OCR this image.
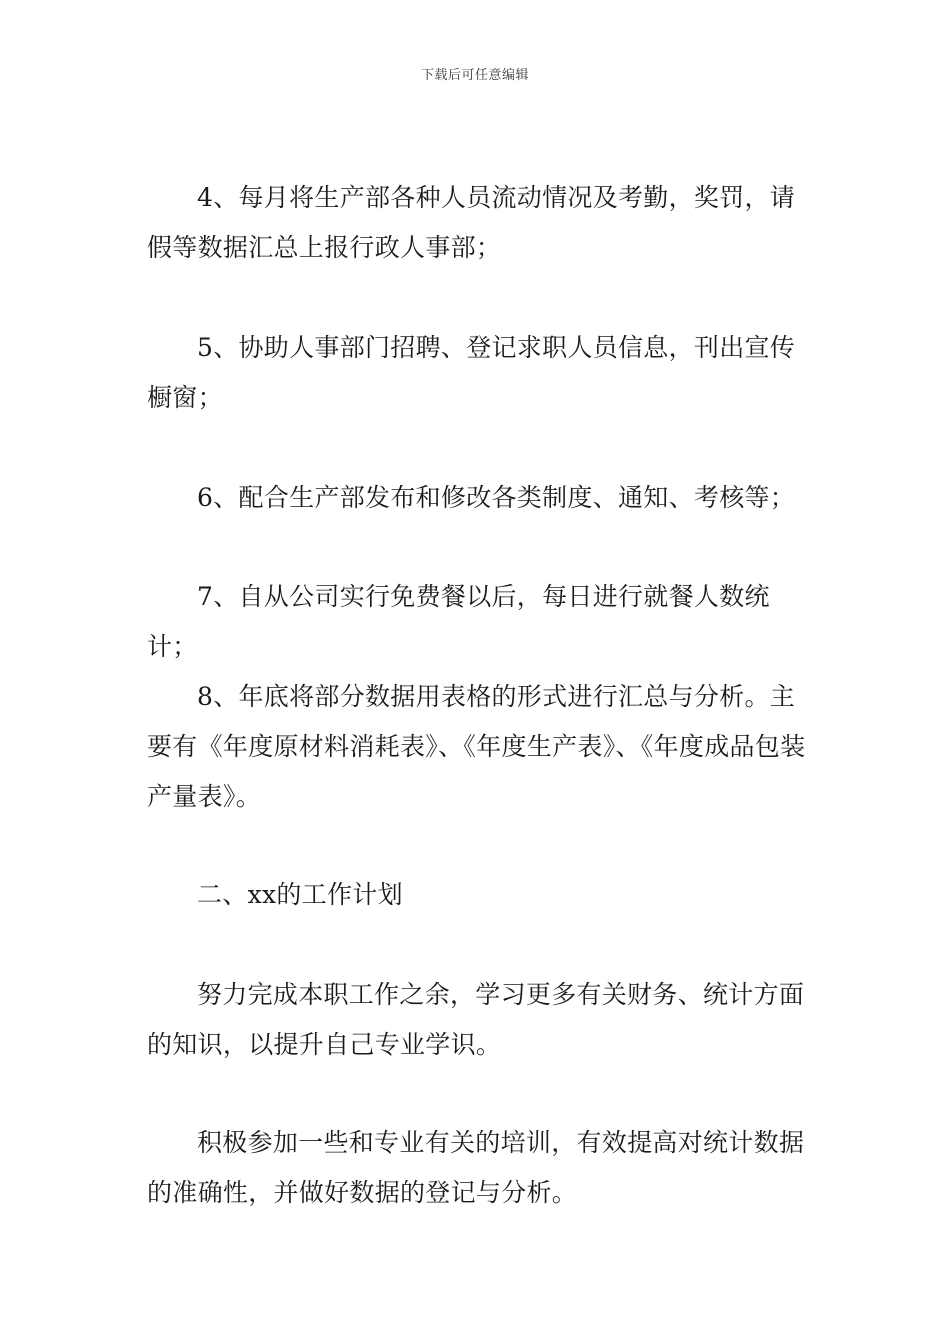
下载后可任意编辑

4、每月将生产部各种人员流动情况及考勤，奖罚，请假等数据汇总上报行政人事部；

5、协助人事部门招聘、登记求职人员信息，刊出宣传橱窗；

6、配合生产部发布和修改各类制度、通知、考核等；

7、自从公司实行免费餐以后，每日进行就餐人数统计；

8、年底将部分数据用表格的形式进行汇总与分析。主要有《年度原材料消耗表》、《年度生产表》、《年度成品包装产量表》。

二、xx的工作计划

努力完成本职工作之余，学习更多有关财务、统计方面的知识，以提升自己专业学识。

积极参加一些和专业有关的培训，有效提高对统计数据的准确性，并做好数据的登记与分析。
